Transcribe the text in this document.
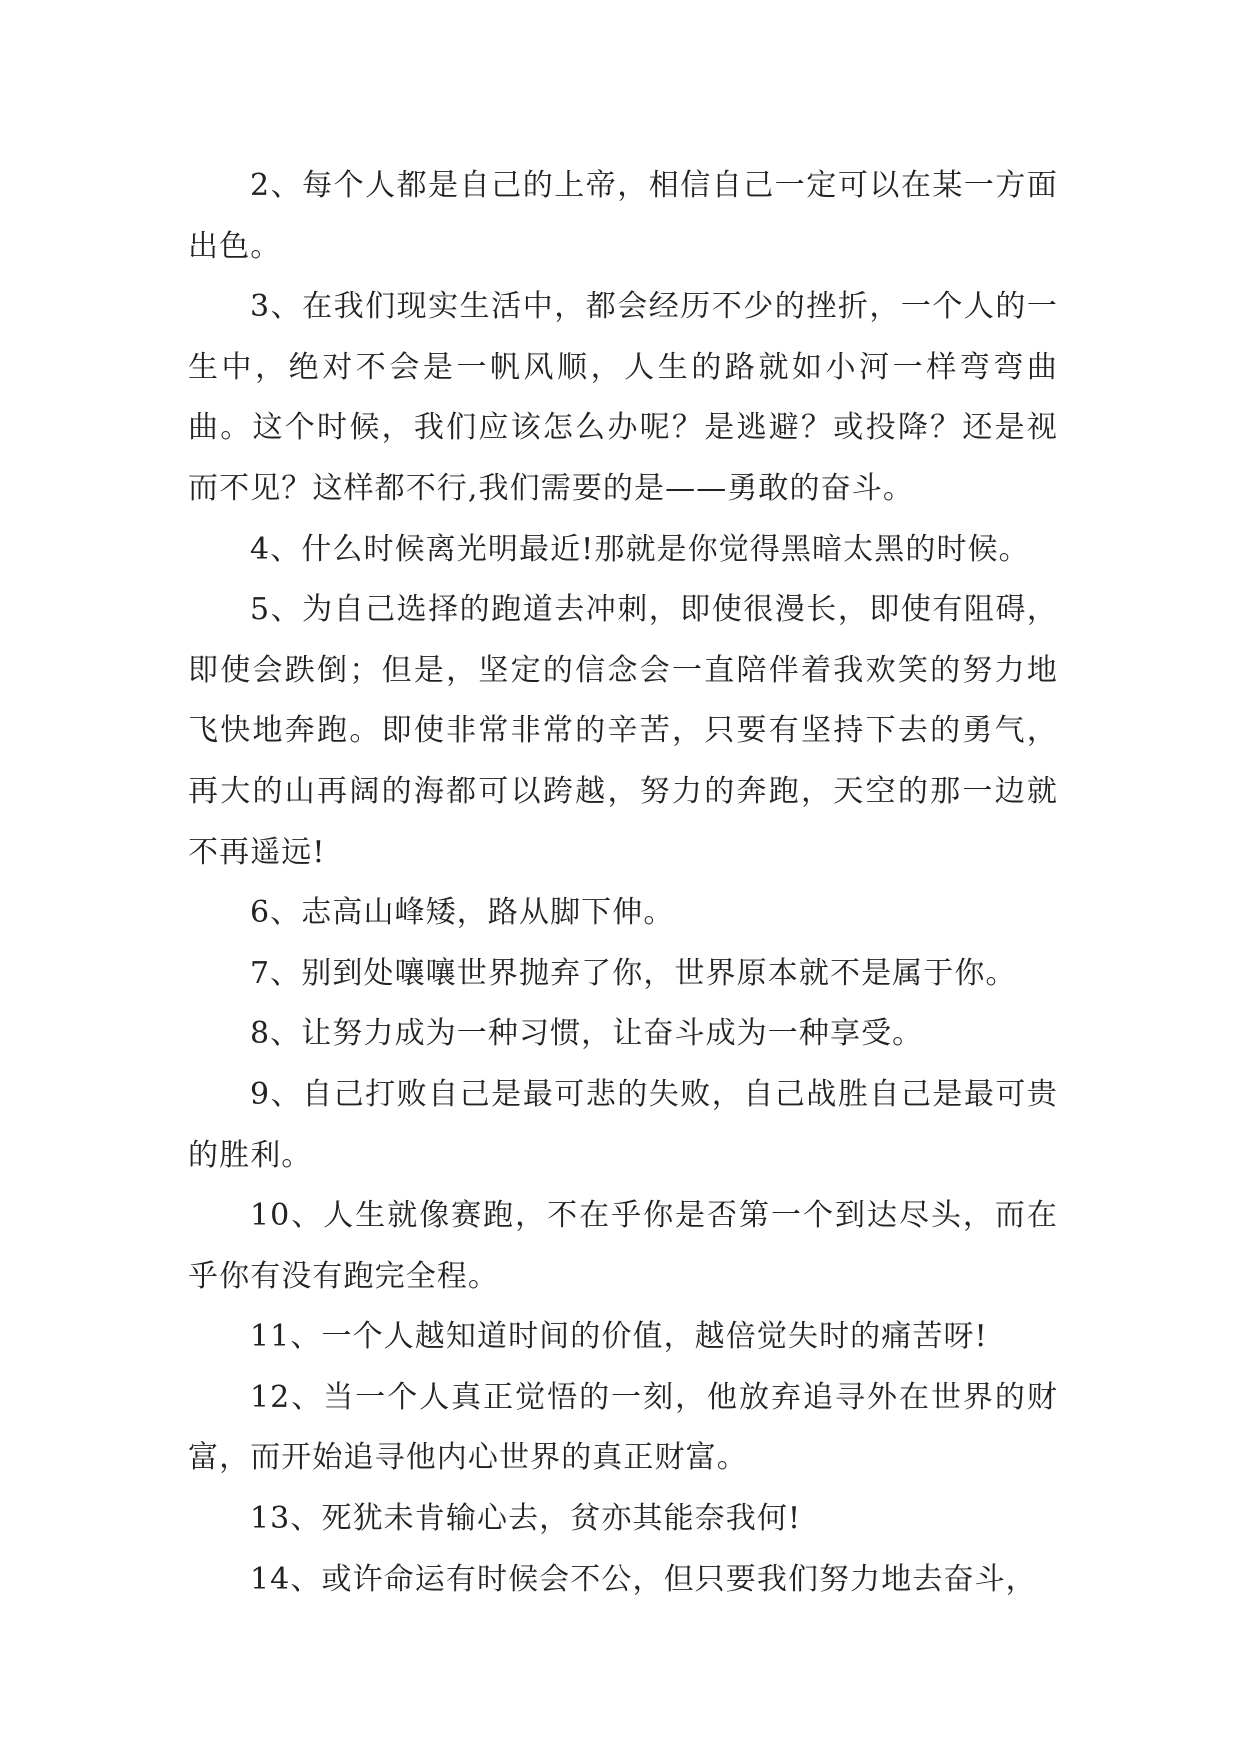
2、每个人都是自己的上帝，相信自己一定可以在某一方面出色。

3、在我们现实生活中，都会经历不少的挫折，一个人的一生中，绝对不会是一帆风顺，人生的路就如小河一样弯弯曲曲。这个时候，我们应该怎么办呢？是逃避？或投降？还是视而不见？这样都不行,我们需要的是——勇敢的奋斗。

4、什么时候离光明最近!那就是你觉得黑暗太黑的时候。

5、为自己选择的跑道去冲刺，即使很漫长，即使有阻碍，即使会跌倒；但是，坚定的信念会一直陪伴着我欢笑的努力地飞快地奔跑。即使非常非常的辛苦，只要有坚持下去的勇气，再大的山再阔的海都可以跨越，努力的奔跑，天空的那一边就不再遥远!

6、志高山峰矮，路从脚下伸。

7、别到处嚷嚷世界抛弃了你，世界原本就不是属于你。

8、让努力成为一种习惯，让奋斗成为一种享受。

9、自己打败自己是最可悲的失败，自己战胜自己是最可贵的胜利。

10、人生就像赛跑，不在乎你是否第一个到达尽头，而在乎你有没有跑完全程。

11、一个人越知道时间的价值，越倍觉失时的痛苦呀!

12、当一个人真正觉悟的一刻，他放弃追寻外在世界的财富，而开始追寻他内心世界的真正财富。

13、死犹未肯输心去，贫亦其能奈我何!

14、或许命运有时候会不公，但只要我们努力地去奋斗，
